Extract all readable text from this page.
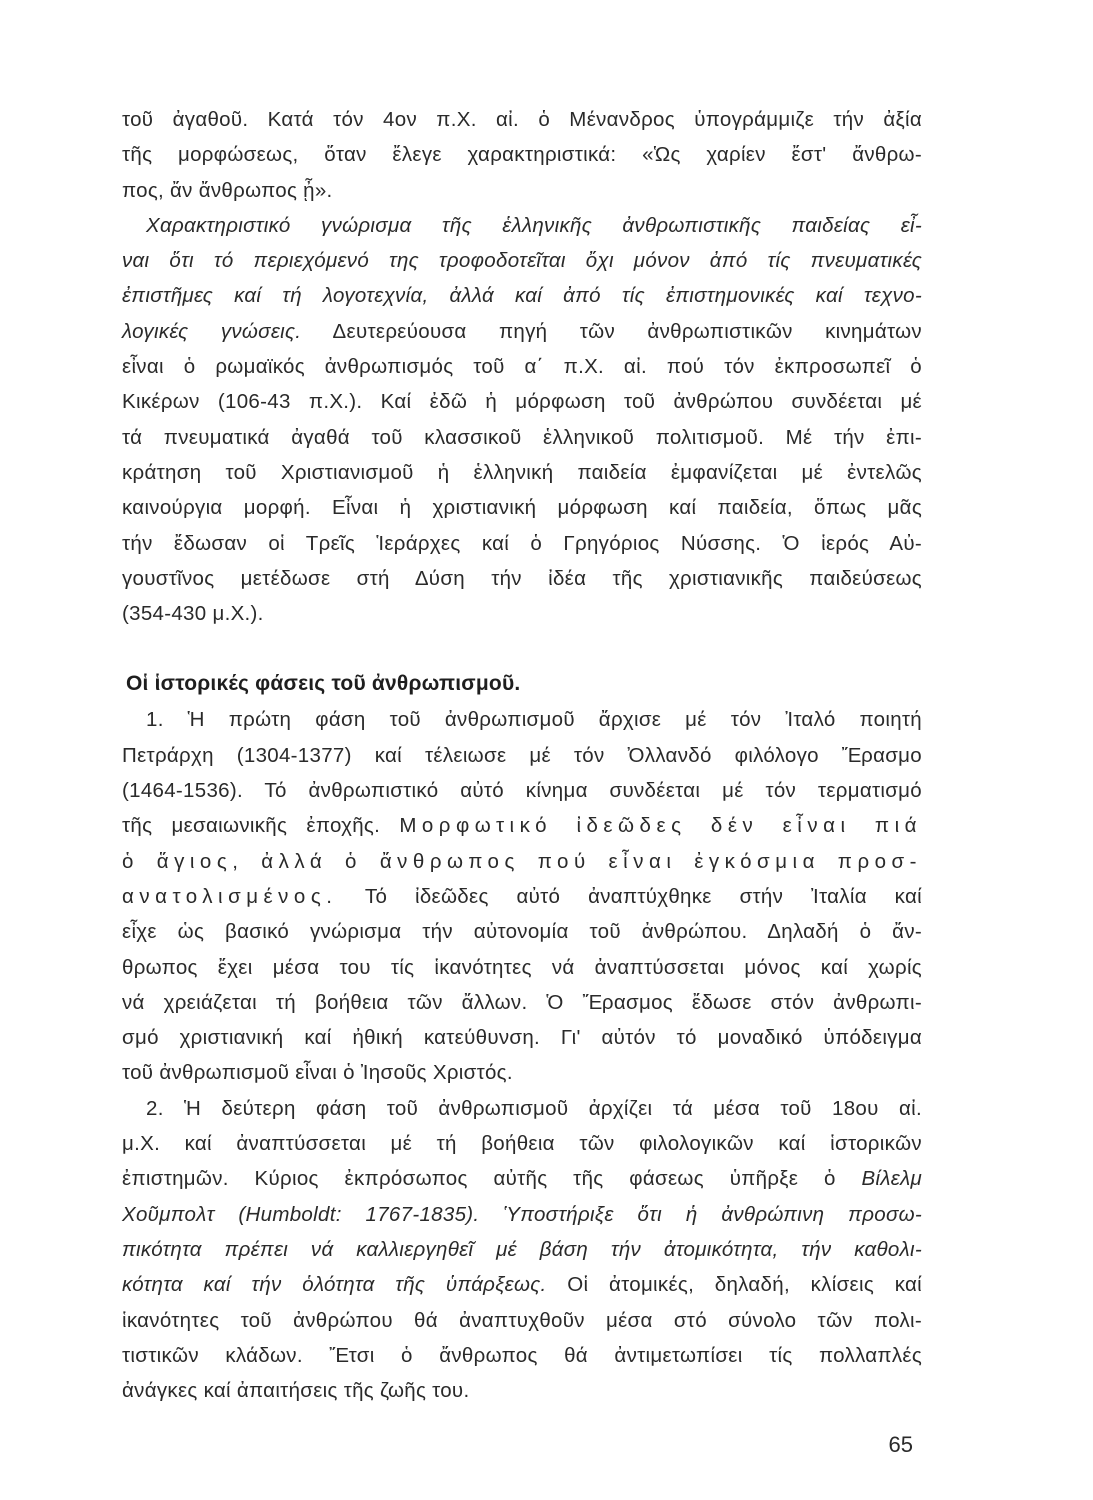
τοῦ ἀγαθοῦ. Κατά τόν 4ον π.Χ. αἰ. ὁ Μένανδρος ὑπογράμμιζε τήν ἀξία
τῆς μορφώσεως, ὅταν ἔλεγε χαρακτηριστικά: «Ὡς χαρίεν ἔστ' ἄνθρω-
πος, ἄν ἄνθρωπος ᾖ».
Χαρακτηριστικό γνώρισμα τῆς ἑλληνικῆς ἀνθρωπιστικῆς παιδείας εἶ-
ναι ὅτι τό περιεχόμενό της τροφοδοτεῖται ὄχι μόνον ἀπό τίς πνευματικές
ἐπιστῆμες καί τή λογοτεχνία, ἀλλά καί ἀπό τίς ἐπιστημονικές καί τεχνο-
λογικές γνώσεις. Δευτερεύουσα πηγή τῶν ἀνθρωπιστικῶν κινημάτων
εἶναι ὁ ρωμαϊκός ἀνθρωπισμός τοῦ α΄ π.Χ. αἰ. πού τόν ἐκπροσωπεῖ ὁ
Κικέρων (106-43 π.Χ.). Καί ἐδῶ ἡ μόρφωση τοῦ ἀνθρώπου συνδέεται μέ
τά πνευματικά ἀγαθά τοῦ κλασσικοῦ ἑλληνικοῦ πολιτισμοῦ. Μέ τήν ἐπι-
κράτηση τοῦ Χριστιανισμοῦ ἡ ἑλληνική παιδεία ἐμφανίζεται μέ ἐντελῶς
καινούργια μορφή. Εἶναι ἡ χριστιανική μόρφωση καί παιδεία, ὅπως μᾶς
τήν ἔδωσαν οἱ Τρεῖς Ἱεράρχες καί ὁ Γρηγόριος Νύσσης. Ὁ ἱερός Αὐ-
γουστῖνος μετέδωσε στή Δύση τήν ἰδέα τῆς χριστιανικῆς παιδεύσεως
(354-430 μ.Χ.).
Οἱ ἱστορικές φάσεις τοῦ ἀνθρωπισμοῦ.
1. Ἡ πρώτη φάση τοῦ ἀνθρωπισμοῦ ἄρχισε μέ τόν Ἰταλό ποιητή
Πετράρχη (1304-1377) καί τέλειωσε μέ τόν Ὀλλανδό φιλόλογο Ἔρασμο
(1464-1536). Τό ἀνθρωπιστικό αὐτό κίνημα συνδέεται μέ τόν τερματισμό
τῆς μεσαιωνικῆς ἐποχῆς. Μορφωτικό ἰδεῶδες δέν εἶναι πιά
ὁ ἅγιος, ἀλλά ὁ ἄνθρωπος πού εἶναι ἐγκόσμια προσ-
ανατολισμένος. Τό ἰδεῶδες αὐτό ἀναπτύχθηκε στήν Ἰταλία καί
εἶχε ὡς βασικό γνώρισμα τήν αὐτονομία τοῦ ἀνθρώπου. Δηλαδή ὁ ἄν-
θρωπος ἔχει μέσα του τίς ἱκανότητες νά ἀναπτύσσεται μόνος καί χωρίς
νά χρειάζεται τή βοήθεια τῶν ἄλλων. Ὁ Ἔρασμος ἔδωσε στόν ἀνθρωπι-
σμό χριστιανική καί ἠθική κατεύθυνση. Γι' αὐτόν τό μοναδικό ὑπόδειγμα
τοῦ ἀνθρωπισμοῦ εἶναι ὁ Ἰησοῦς Χριστός.
2. Ἡ δεύτερη φάση τοῦ ἀνθρωπισμοῦ ἀρχίζει τά μέσα τοῦ 18ου αἰ.
μ.Χ. καί ἀναπτύσσεται μέ τή βοήθεια τῶν φιλολογικῶν καί ἱστορικῶν
ἐπιστημῶν. Κύριος ἐκπρόσωπος αὐτῆς τῆς φάσεως ὑπῆρξε ὁ Βίλελμ
Χοῦμπολτ (Humboldt: 1767-1835). Ὑποστήριξε ὅτι ἡ ἀνθρώπινη προσω-
πικότητα πρέπει νά καλλιεργηθεῖ μέ βάση τήν ἀτομικότητα, τήν καθολι-
κότητα καί τήν ὁλότητα τῆς ὑπάρξεως. Οἱ ἀτομικές, δηλαδή, κλίσεις καί
ἱκανότητες τοῦ ἀνθρώπου θά ἀναπτυχθοῦν μέσα στό σύνολο τῶν πολι-
τιστικῶν κλάδων. Ἔτσι ὁ ἄνθρωπος θά ἀντιμετωπίσει τίς πολλαπλές
ἀνάγκες καί ἀπαιτήσεις τῆς ζωῆς του.
65
